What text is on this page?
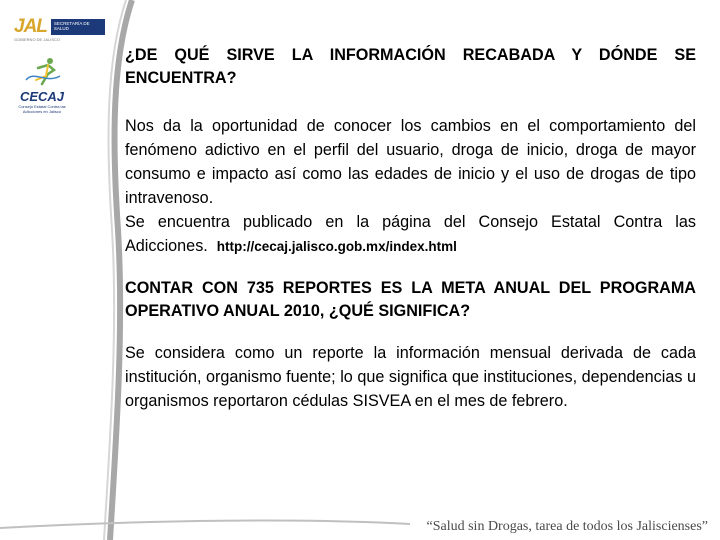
JAL	SECRETARÍA DE SALUD
GOBIERNO DE JALISCO
CECAJ
Consejo Estatal Contra las Adicciones en Jalisco

¿DE QUÉ SIRVE LA INFORMACIÓN RECABADA Y DÓNDE SE ENCUENTRA?

Nos da la oportunidad de conocer los cambios en el comportamiento del fenómeno adictivo en el perfil del usuario, droga de inicio, droga de mayor consumo e impacto así como las edades de inicio y el uso de drogas de tipo intravenoso.

Se encuentra publicado en la página del Consejo Estatal Contra las Adicciones. http://cecaj.jalisco.gob.mx/index.html

CONTAR CON 735 REPORTES ES LA META ANUAL DEL PROGRAMA OPERATIVO ANUAL 2010, ¿QUÉ SIGNIFICA?

Se considera como un reporte la información mensual derivada de cada institución, organismo fuente; lo que significa que instituciones, dependencias u organismos reportaron cédulas SISVEA en el mes de febrero.

“Salud sin Drogas, tarea de todos los Jaliscienses”
